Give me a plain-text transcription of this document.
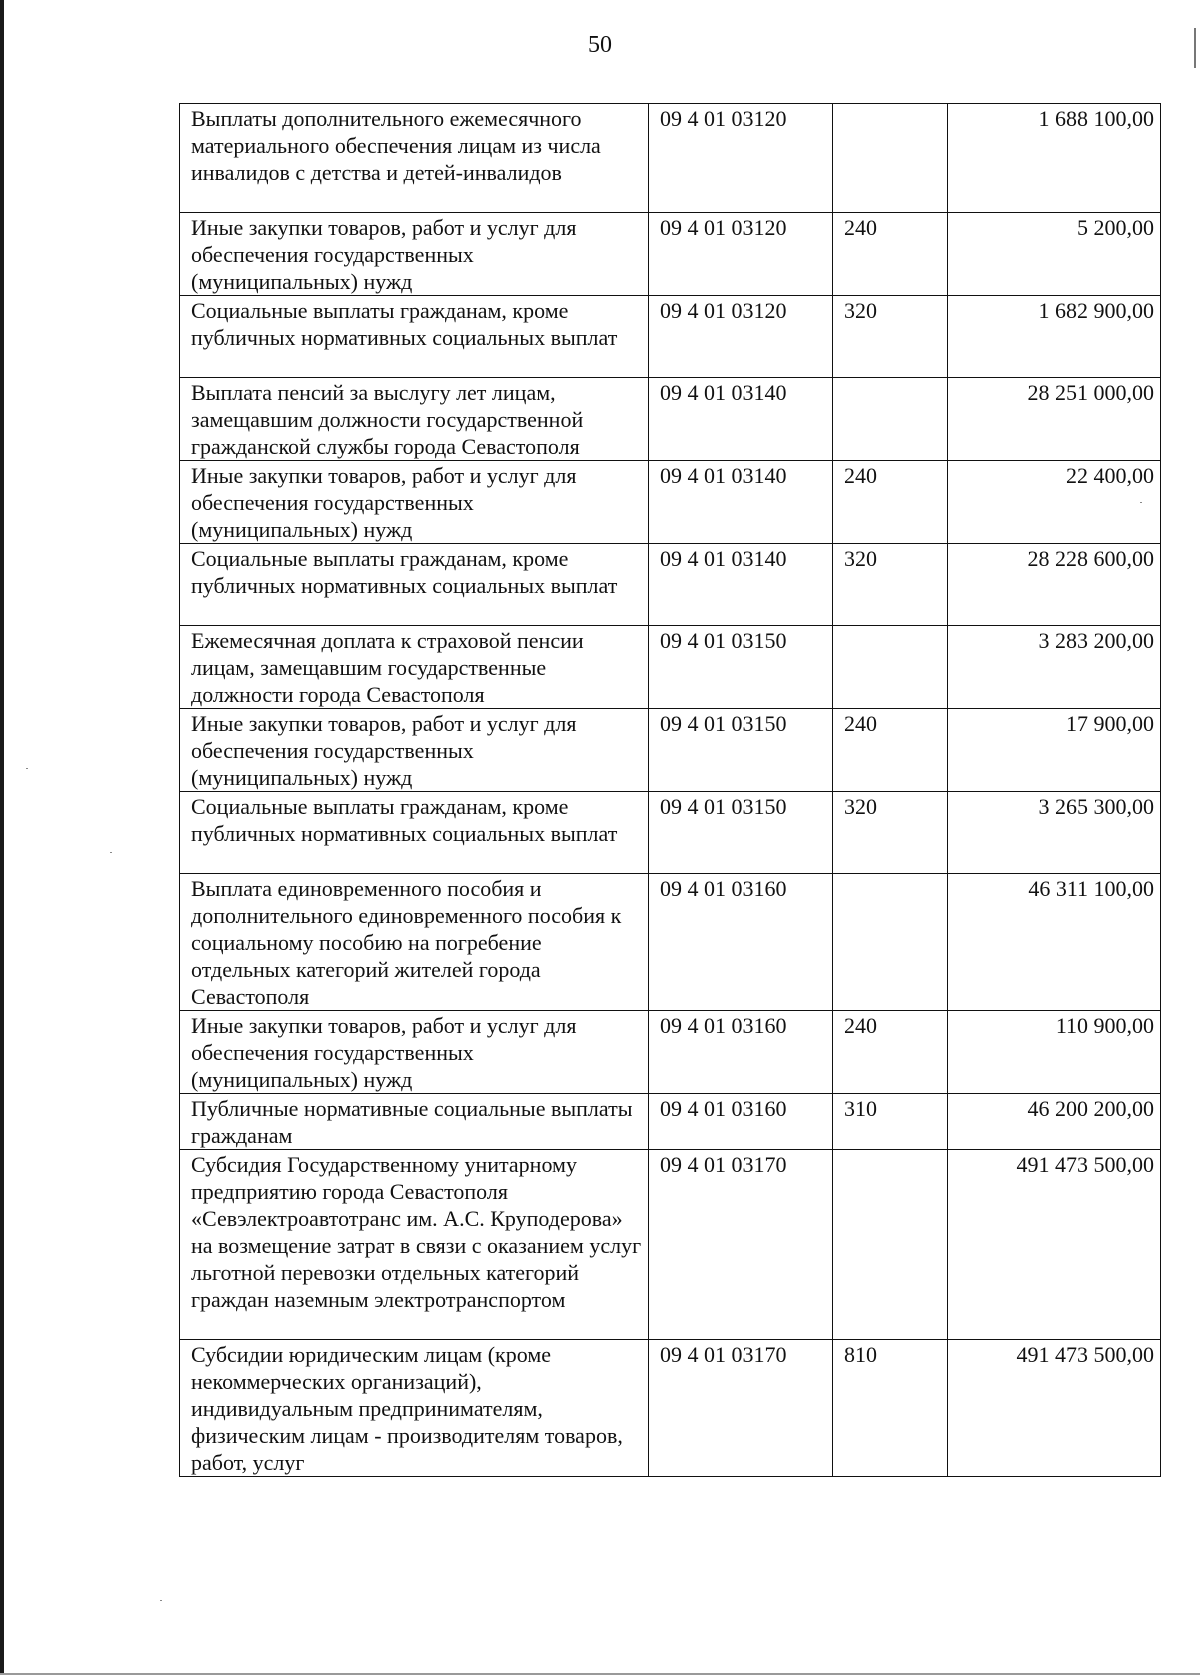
50
Выплаты дополнительного ежемесячного материального обеспечения лицам из числа инвалидов с детства и детей-инвалидов	09 4 01 03120		1 688 100,00
Иные закупки товаров, работ и услуг для обеспечения государственных (муниципальных) нужд	09 4 01 03120	240	5 200,00
Социальные выплаты гражданам, кроме публичных нормативных социальных выплат	09 4 01 03120	320	1 682 900,00
Выплата пенсий за выслугу лет лицам, замещавшим должности государственной гражданской службы города Севастополя	09 4 01 03140		28 251 000,00
Иные закупки товаров, работ и услуг для обеспечения государственных (муниципальных) нужд	09 4 01 03140	240	22 400,00
Социальные выплаты гражданам, кроме публичных нормативных социальных выплат	09 4 01 03140	320	28 228 600,00
Ежемесячная доплата к страховой пенсии лицам, замещавшим государственные должности города Севастополя	09 4 01 03150		3 283 200,00
Иные закупки товаров, работ и услуг для обеспечения государственных (муниципальных) нужд	09 4 01 03150	240	17 900,00
Социальные выплаты гражданам, кроме публичных нормативных социальных выплат	09 4 01 03150	320	3 265 300,00
Выплата единовременного пособия и дополнительного единовременного пособия к социальному пособию на погребение отдельных категорий жителей города Севастополя	09 4 01 03160		46 311 100,00
Иные закупки товаров, работ и услуг для обеспечения государственных (муниципальных) нужд	09 4 01 03160	240	110 900,00
Публичные нормативные социальные выплаты гражданам	09 4 01 03160	310	46 200 200,00
Субсидия Государственному унитарному предприятию города Севастополя «Севэлектроавтотранс им. А.С. Круподерова» на возмещение затрат в связи с оказанием услуг льготной перевозки отдельных категорий граждан наземным электротранспортом	09 4 01 03170		491 473 500,00
Субсидии юридическим лицам (кроме некоммерческих организаций), индивидуальным предпринимателям, физическим лицам - производителям товаров, работ, услуг	09 4 01 03170	810	491 473 500,00
